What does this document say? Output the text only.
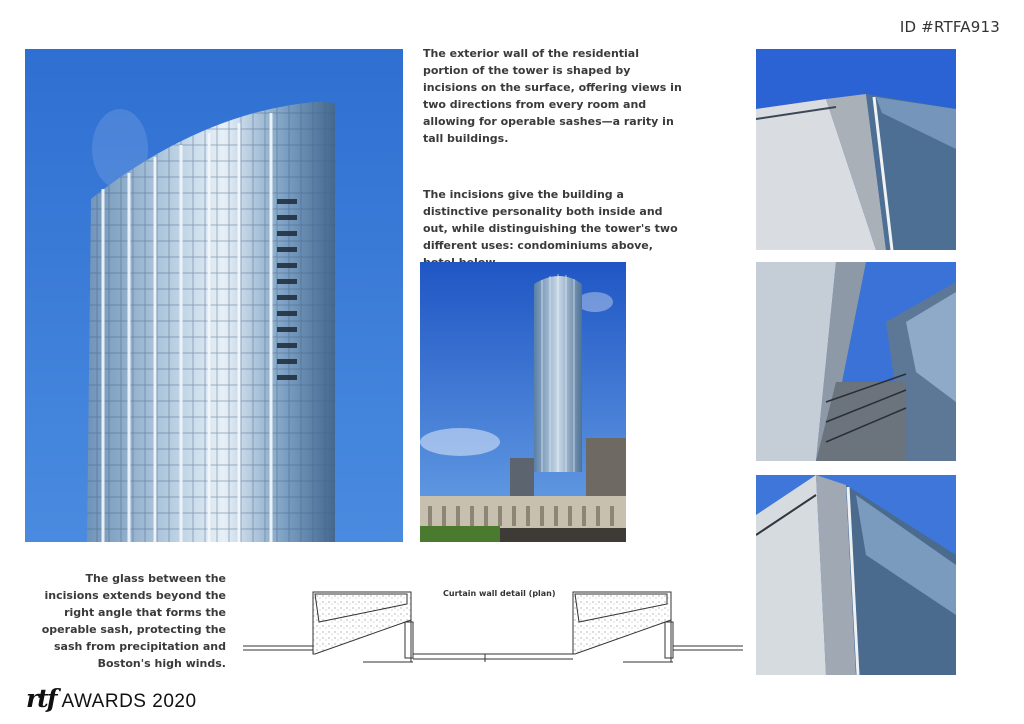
ID #RTFA913
The exterior wall of the residential portion of the tower is shaped by incisions on the surface, offering views in two directions from every room and allowing for operable sashes—a rarity in tall buildings.
The incisions give the building a distinctive personality both inside and out, while distinguishing the tower's two different uses: condominiums above,
The glass between the incisions extends beyond the right angle that forms the operable sash, protecting the sash from precipitation and Boston's high winds.
Curtain wall detail (plan)
rtf AWARDS 2020
